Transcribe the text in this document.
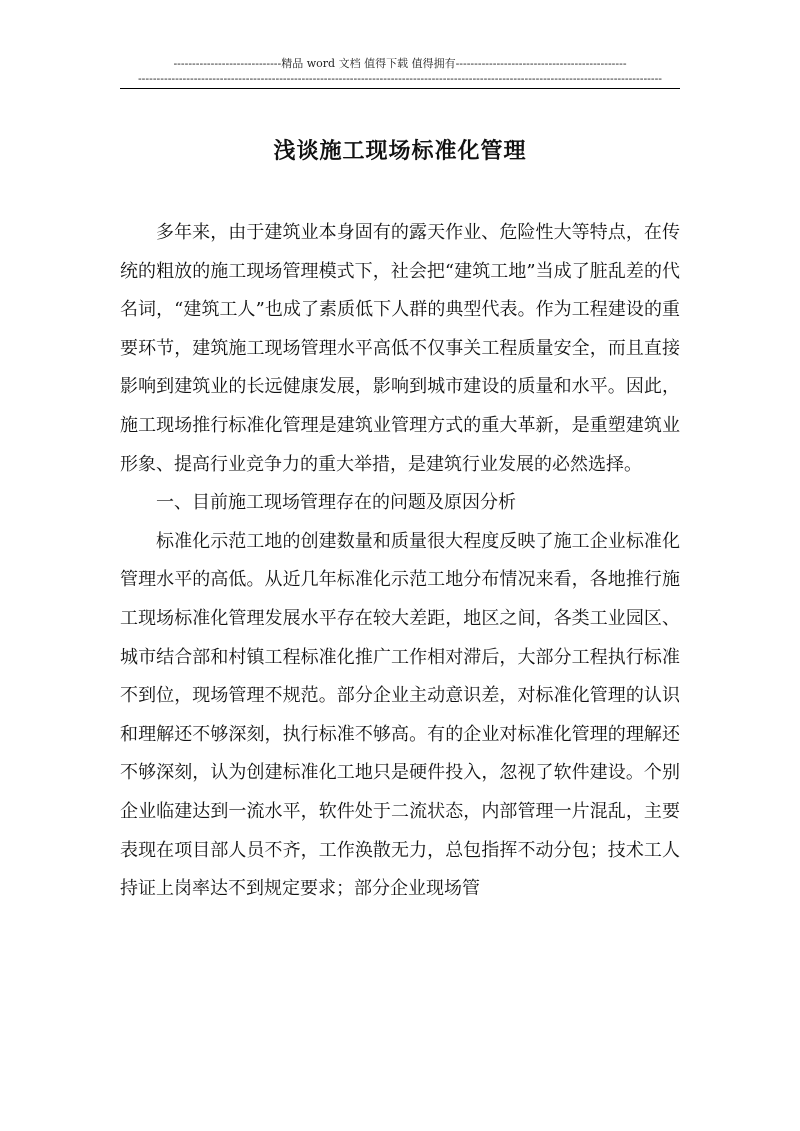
-----------------------------精品 word 文档 值得下载 值得拥有----------------------------------------------
---------------------------------------------------------------------------------------------------------------------------------------------
浅谈施工现场标准化管理

多年来，由于建筑业本身固有的露天作业、危险性大等特点，在传统的粗放的施工现场管理模式下，社会把“建筑工地”当成了脏乱差的代名词，“建筑工人”也成了素质低下人群的典型代表。作为工程建设的重要环节，建筑施工现场管理水平高低不仅事关工程质量安全，而且直接影响到建筑业的长远健康发展，影响到城市建设的质量和水平。因此，施工现场推行标准化管理是建筑业管理方式的重大革新，是重塑建筑业形象、提高行业竞争力的重大举措，是建筑行业发展的必然选择。

一、目前施工现场管理存在的问题及原因分析

标准化示范工地的创建数量和质量很大程度反映了施工企业标准化管理水平的高低。从近几年标准化示范工地分布情况来看，各地推行施工现场标准化管理发展水平存在较大差距，地区之间，各类工业园区、城市结合部和村镇工程标准化推广工作相对滞后，大部分工程执行标准不到位，现场管理不规范。部分企业主动意识差，对标准化管理的认识和理解还不够深刻，执行标准不够高。有的企业对标准化管理的理解还不够深刻，认为创建标准化工地只是硬件投入，忽视了软件建设。个别企业临建达到一流水平，软件处于二流状态，内部管理一片混乱，主要表现在项目部人员不齐，工作涣散无力，总包指挥不动分包；技术工人持证上岗率达不到规定要求；部分企业现场管
